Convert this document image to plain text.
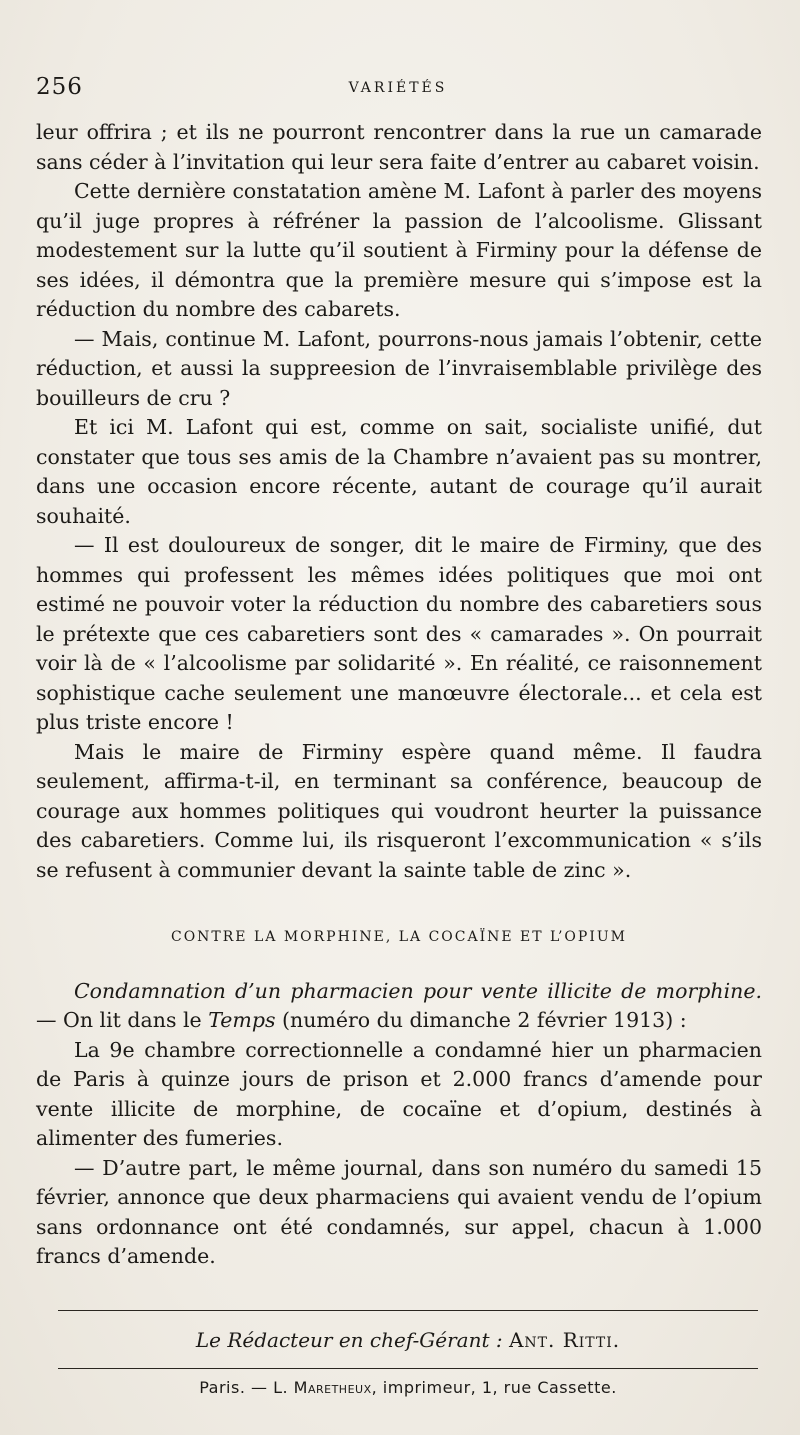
256	VARIÉTÉS

leur offrira ; et ils ne pourront rencontrer dans la rue un camarade sans céder à l’invitation qui leur sera faite d’entrer au cabaret voisin.

Cette dernière constatation amène M. Lafont à parler des moyens qu’il juge propres à réfréner la passion de l’alcoolisme. Glissant modestement sur la lutte qu’il soutient à Firminy pour la défense de ses idées, il démontra que la première mesure qui s’impose est la réduction du nombre des cabarets.

— Mais, continue M. Lafont, pourrons-nous jamais l’obtenir, cette réduction, et aussi la suppreesion de l’invraisemblable privilège des bouilleurs de cru ?

Et ici M. Lafont qui est, comme on sait, socialiste unifié, dut constater que tous ses amis de la Chambre n’avaient pas su montrer, dans une occasion encore récente, autant de courage qu’il aurait souhaité.

— Il est douloureux de songer, dit le maire de Firminy, que des hommes qui professent les mêmes idées politiques que moi ont estimé ne pouvoir voter la réduction du nombre des cabaretiers sous le prétexte que ces cabaretiers sont des « camarades ». On pourrait voir là de « l’alcoolisme par solidarité ». En réalité, ce raisonnement sophistique cache seulement une manœuvre électorale... et cela est plus triste encore !

Mais le maire de Firminy espère quand même. Il faudra seulement, affirma-t-il, en terminant sa conférence, beaucoup de courage aux hommes politiques qui voudront heurter la puissance des cabaretiers. Comme lui, ils risqueront l’excommunication « s’ils se refusent à communier devant la sainte table de zinc ».

CONTRE LA MORPHINE, LA COCAÏNE ET L’OPIUM

Condamnation d’un pharmacien pour vente illicite de morphine. — On lit dans le Temps (numéro du dimanche 2 février 1913) :

La 9e chambre correctionnelle a condamné hier un pharmacien de Paris à quinze jours de prison et 2.000 francs d’amende pour vente illicite de morphine, de cocaïne et d’opium, destinés à alimenter des fumeries.

— D’autre part, le même journal, dans son numéro du samedi 15 février, annonce que deux pharmaciens qui avaient vendu de l’opium sans ordonnance ont été condamnés, sur appel, chacun à 1.000 francs d’amende.

Le Rédacteur en chef-Gérant : Ant. Ritti.
Paris. — L. Maretheux, imprimeur, 1, rue Cassette.
